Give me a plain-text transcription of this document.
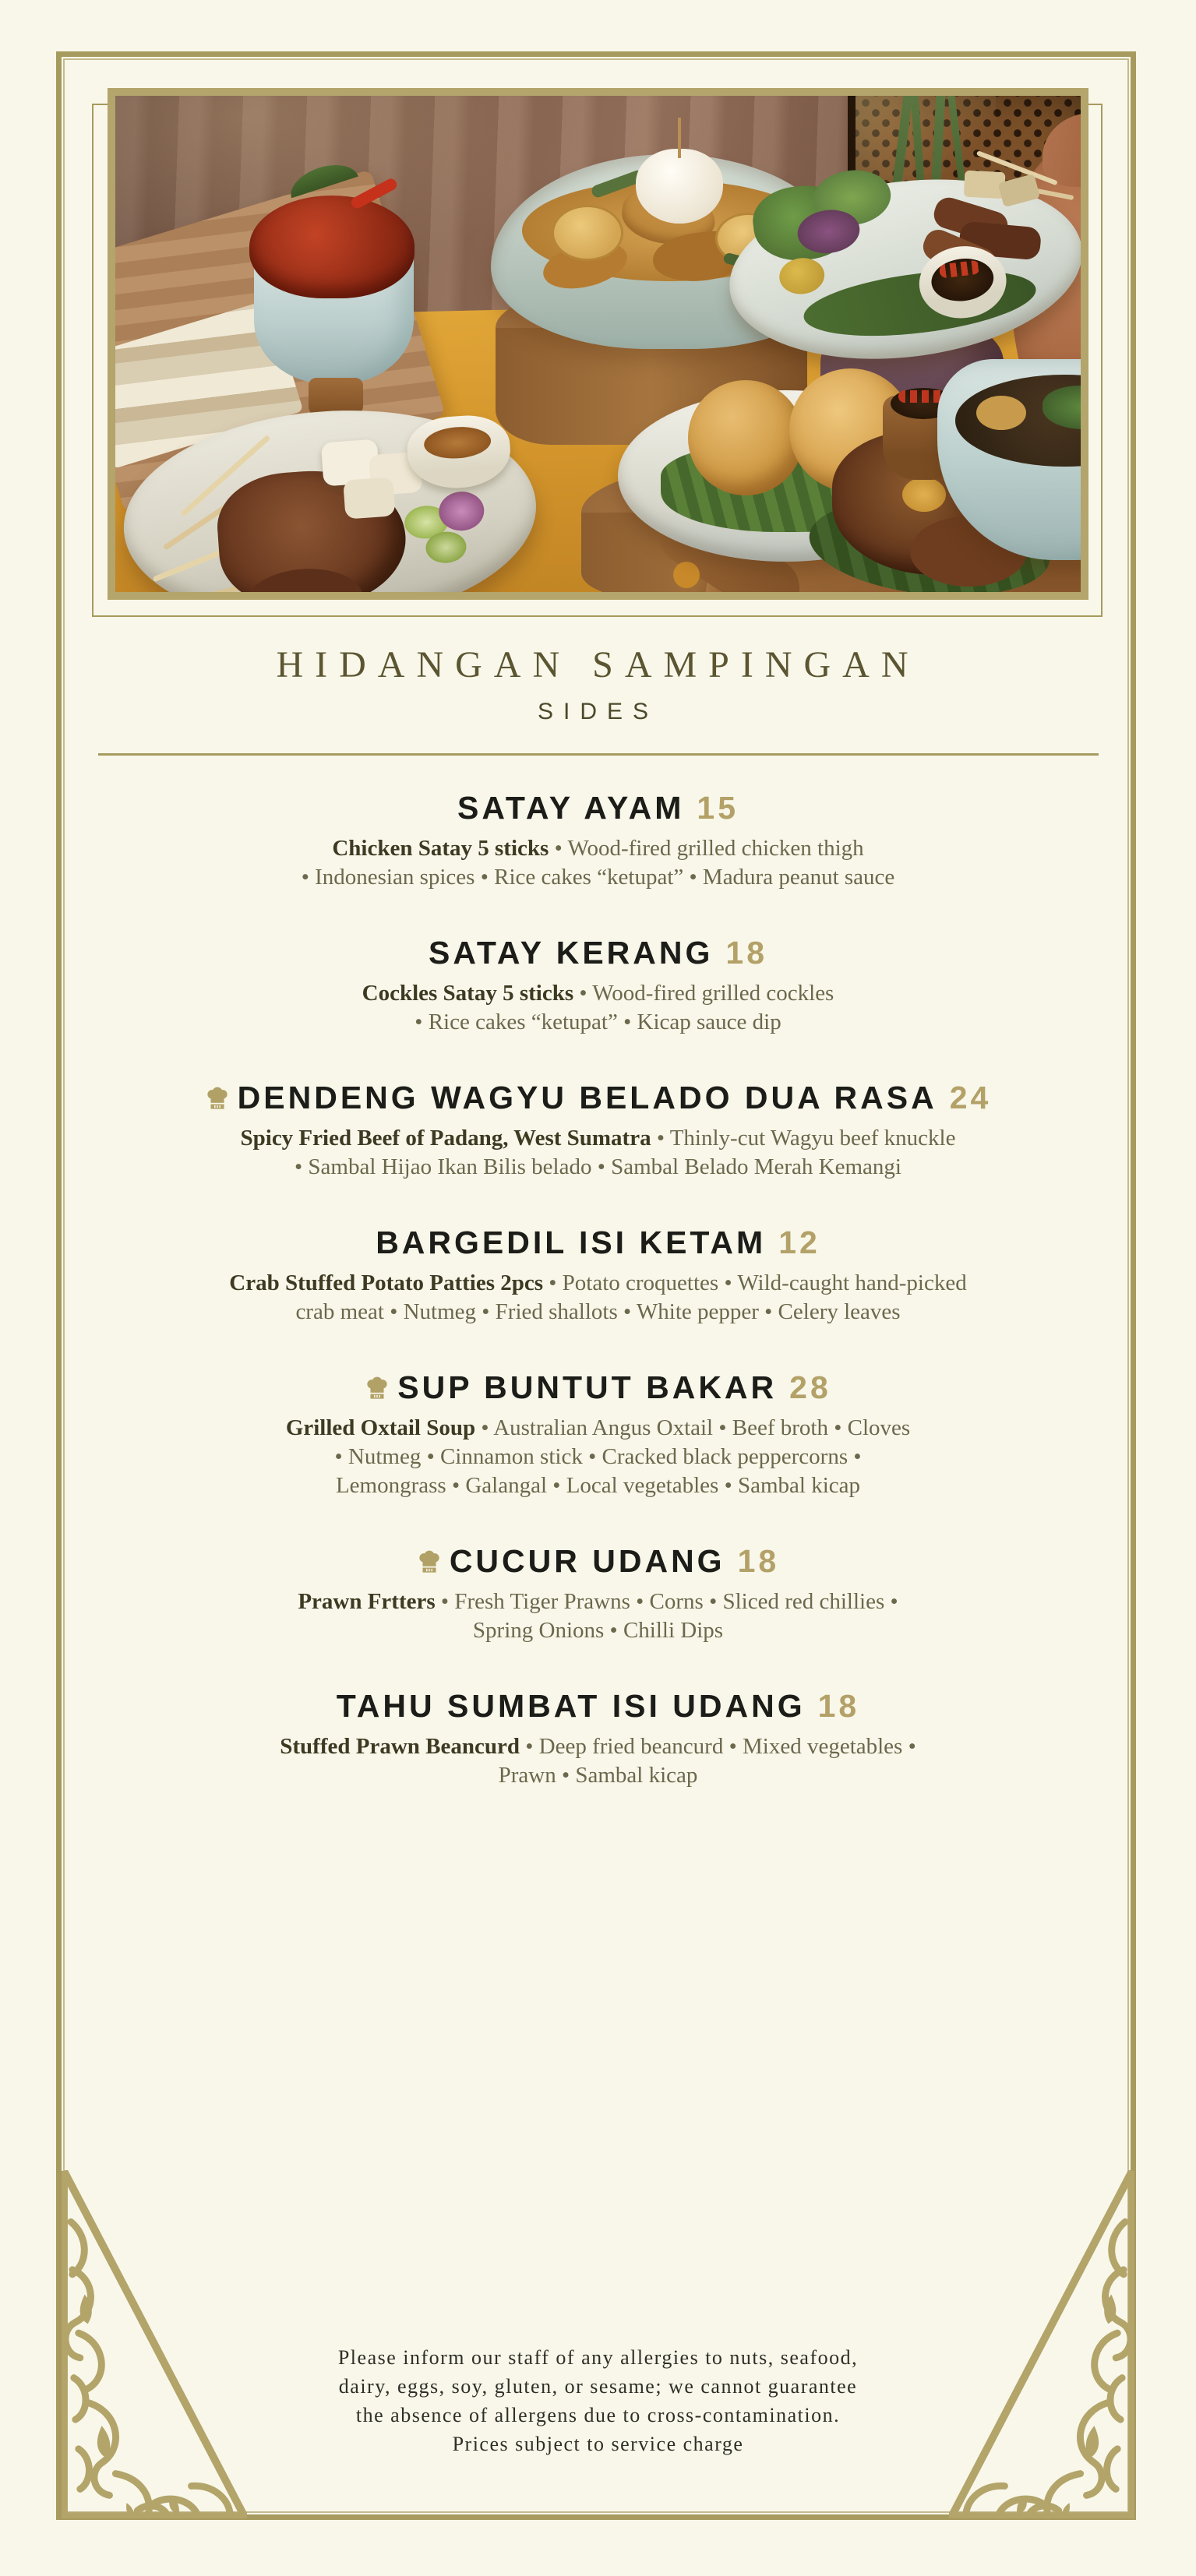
HIDANGAN SAMPINGAN
SIDES
SATAY AYAM 15
Chicken Satay 5 sticks • Wood-fired grilled chicken thigh
• Indonesian spices • Rice cakes “ketupat” • Madura peanut sauce
SATAY KERANG 18
Cockles Satay 5 sticks • Wood-fired grilled cockles
• Rice cakes “ketupat” • Kicap sauce dip
DENDENG WAGYU BELADO DUA RASA 24
Spicy Fried Beef of Padang, West Sumatra • Thinly-cut Wagyu beef knuckle
• Sambal Hijao Ikan Bilis belado • Sambal Belado Merah Kemangi
BARGEDIL ISI KETAM 12
Crab Stuffed Potato Patties 2pcs • Potato croquettes • Wild-caught hand-picked
crab meat • Nutmeg • Fried shallots • White pepper • Celery leaves
SUP BUNTUT BAKAR 28
Grilled Oxtail Soup • Australian Angus Oxtail • Beef broth • Cloves
• Nutmeg • Cinnamon stick • Cracked black peppercorns •
Lemongrass • Galangal • Local vegetables • Sambal kicap
CUCUR UDANG 18
Prawn Frtters • Fresh Tiger Prawns • Corns • Sliced red chillies •
Spring Onions • Chilli Dips
TAHU SUMBAT ISI UDANG 18
Stuffed Prawn Beancurd • Deep fried beancurd • Mixed vegetables •
Prawn • Sambal kicap
Please inform our staff of any allergies to nuts, seafood,
dairy, eggs, soy, gluten, or sesame; we cannot guarantee
the absence of allergens due to cross-contamination.
Prices subject to service charge
